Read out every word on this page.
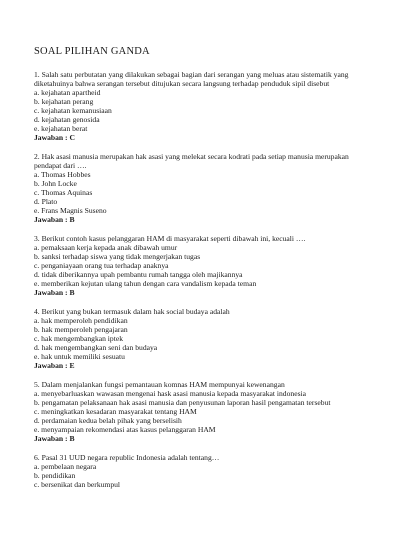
SOAL PILIHAN GANDA
1. Salah satu perbutatan yang dilakukan sebagai bagian dari serangan yang meluas atau sistematik yang diketahuinya bahwa serangan tersebut ditujukan secara langsung terhadap penduduk sipil disebut
a. kejahatan apartheid
b. kejahatan perang
c. kejahatan kemanusiaan
d. kejahatan genosida
e. kejahatan berat
Jawaban : C
2. Hak asasi manusia merupakan hak asasi yang melekat secara kodrati pada setiap manusia merupakan pendapat dari ….
a. Thomas Hobbes
b. John Locke
c. Thomas Aquinas
d. Plato
e. Frans Magnis Suseno
Jawaban : B
3. Berikut contoh kasus pelanggaran HAM di masyarakat seperti dibawah ini, kecuali ….
a. pemaksaan kerja kepada anak dibawah umur
b. sanksi terhadap siswa yang tidak mengerjakan tugas
c. penganiayaan orang tua terhadap anaknya
d. tidak diberikannya upah pembantu rumah tangga oleh majikannya
e. memberikan kejutan ulang tahun dengan cara vandalism kepada teman
Jawaban : B
4. Berikut yang bukan termasuk dalam hak social budaya adalah
a. hak memperoleh pendidikan
b. hak memperoleh pengajaran
c. hak mengembangkan iptek
d. hak mengembangkan seni dan budaya
e. hak untuk memiliki sesuatu
Jawaban : E
5. Dalam menjalankan fungsi pemantauan komnas HAM mempunyai kewenangan
a. menyebarluaskan wawasan mengenai hask asasi manusia kepada masyarakat indonesia
b. pengamatan pelaksanaan hak asasi manusia dan penyusunan laporan hasil pengamatan tersebut
c. meningkatkan kesadaran masyarakat tentang HAM
d. perdamaian kedua belah pihak yang berselisih
e. menyampaian rekomendasi atas kasus pelanggaran HAM
Jawaban : B
6. Pasal 31 UUD negara republic Indonesia adalah tentang…
a. pembelaan negara
b. pendidikan
c. bersenikat dan berkumpul
